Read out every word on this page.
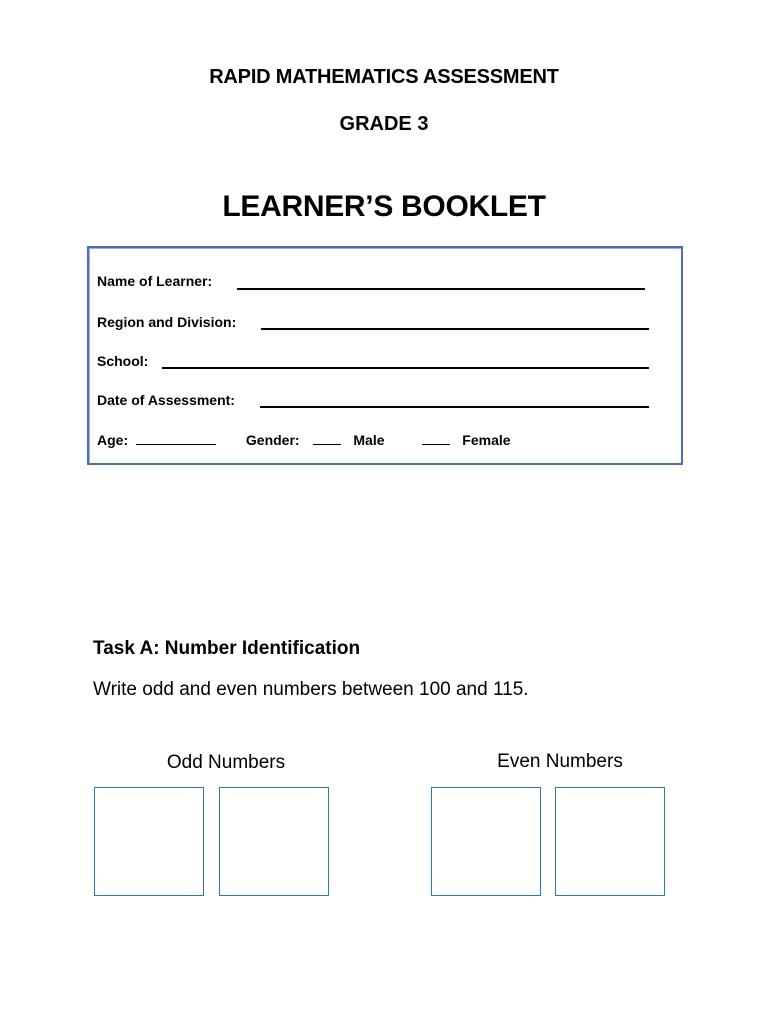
RAPID MATHEMATICS ASSESSMENT
GRADE 3
LEARNER’S BOOKLET
Name of Learner:
Region and Division:
School:
Date of Assessment:
Age:	Gender:	Male	Female
Task A: Number Identification
Write odd and even numbers between 100 and 115.
Odd Numbers	Even Numbers
